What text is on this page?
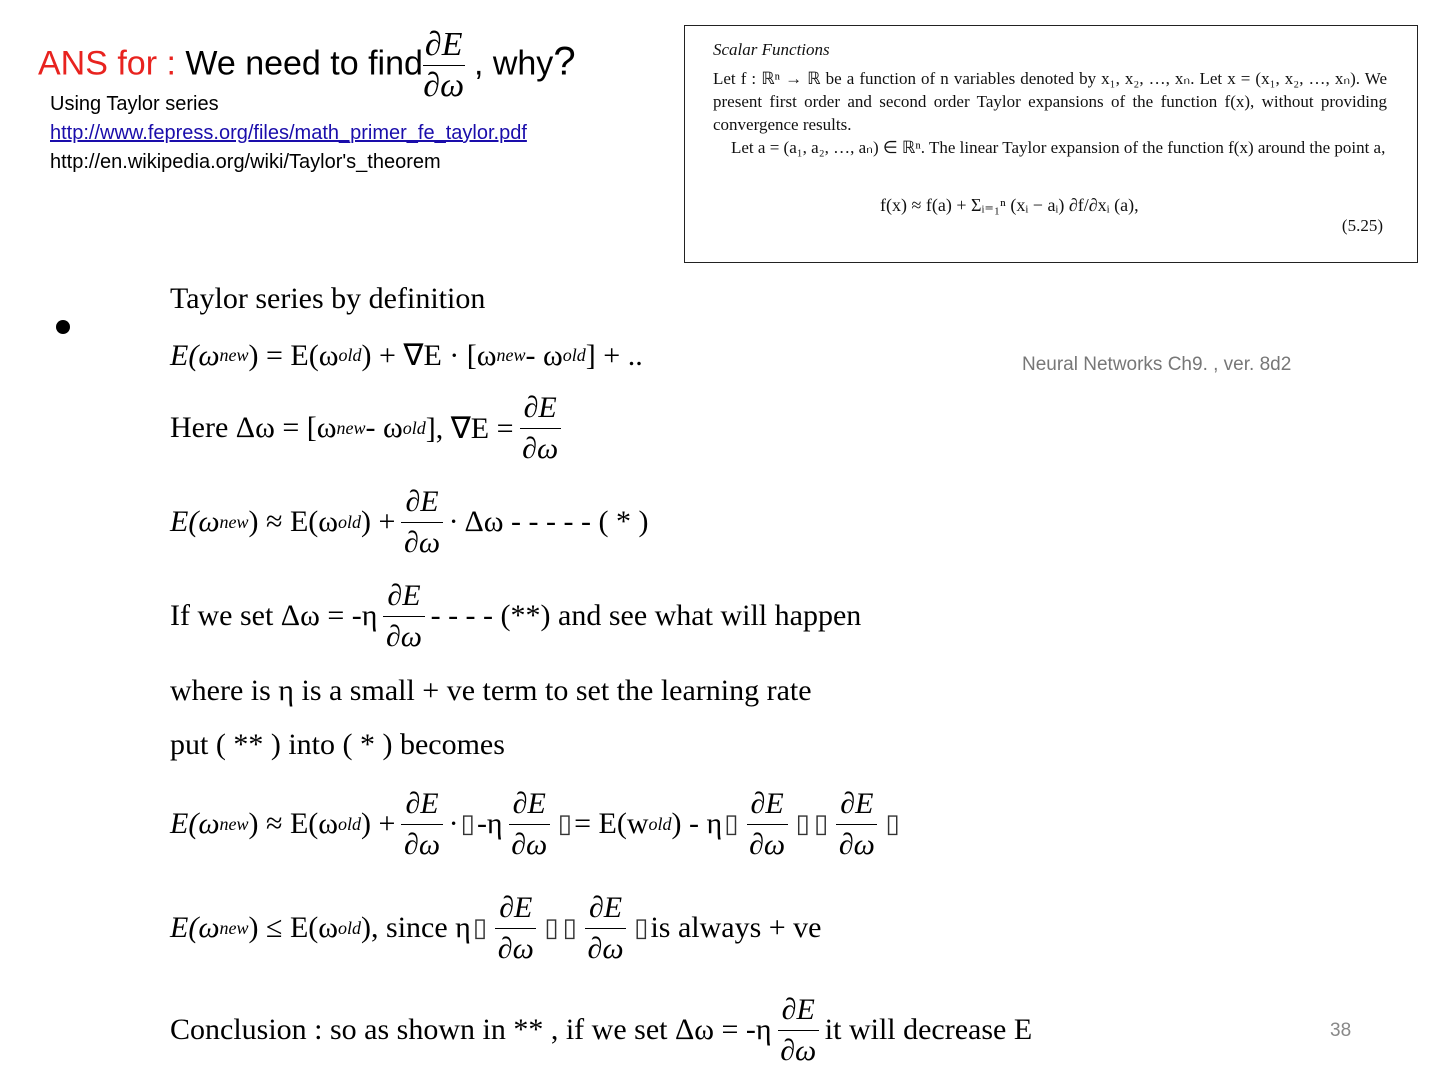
ANS for : We need to find $\frac{\partial E}{\partial\omega}$ , why?
Using Taylor series
http://www.fepress.org/files/math_primer_fe_taylor.pdf
http://en.wikipedia.org/wiki/Taylor's_theorem
Scalar Functions

Let f : ℝⁿ → ℝ be a function of n variables denoted by x₁, x₂, …, xₙ. Let x = (x₁, x₂, …, xₙ). We present first order and second order Taylor expansions of the function f(x), without providing convergence results.

Let a = (a₁, a₂, …, aₙ) ∈ ℝⁿ. The linear Taylor expansion of the function f(x) around the point a,

f(x) ≈ f(a) + Σᵢ₌₁ⁿ (xᵢ − aᵢ) ∂f/∂xᵢ (a),
(5.25)
Neural Networks Ch9. , ver. 8d2
38
Taylor series by definition
E(ω new ) = E(ω old ) + ∇E · [ω new - ω old ] + ..
Here Δω = [ω new - ω old ], $\nabla E = \frac{\partial E}{\partial\omega}$
E(ω new ) ≈ E(ω old ) + $\frac{\partial E}{\partial\omega} \cdot \Delta\omega$ - - - - - ( * )
If we set $\Delta\omega = -\eta \frac{\partial E}{\partial\omega}$ - - - - (**) and see what will happen
where is η is a small + ve term to set the learning rate
put ( ** ) into ( * ) becomes
E(ω new ) ≈ E(ω old ) + $\frac{\partial E}{\partial\omega}$ · ▯ $-\eta \frac{\partial E}{\partial\omega}$ ▯ = E(w old ) - η ▯ $\frac{\partial E}{\partial\omega}$ ▯ ▯ $\frac{\partial E}{\partial\omega}$ ▯
E(ω new ) ≤ E(ω old ), since η ▯ $\frac{\partial E}{\partial\omega}$ ▯ ▯ $\frac{\partial E}{\partial\omega}$ ▯ is always + ve
Conclusion : so as shown in ** , if we set $\Delta\omega = -\eta \frac{\partial E}{\partial\omega}$ it will decrease E
